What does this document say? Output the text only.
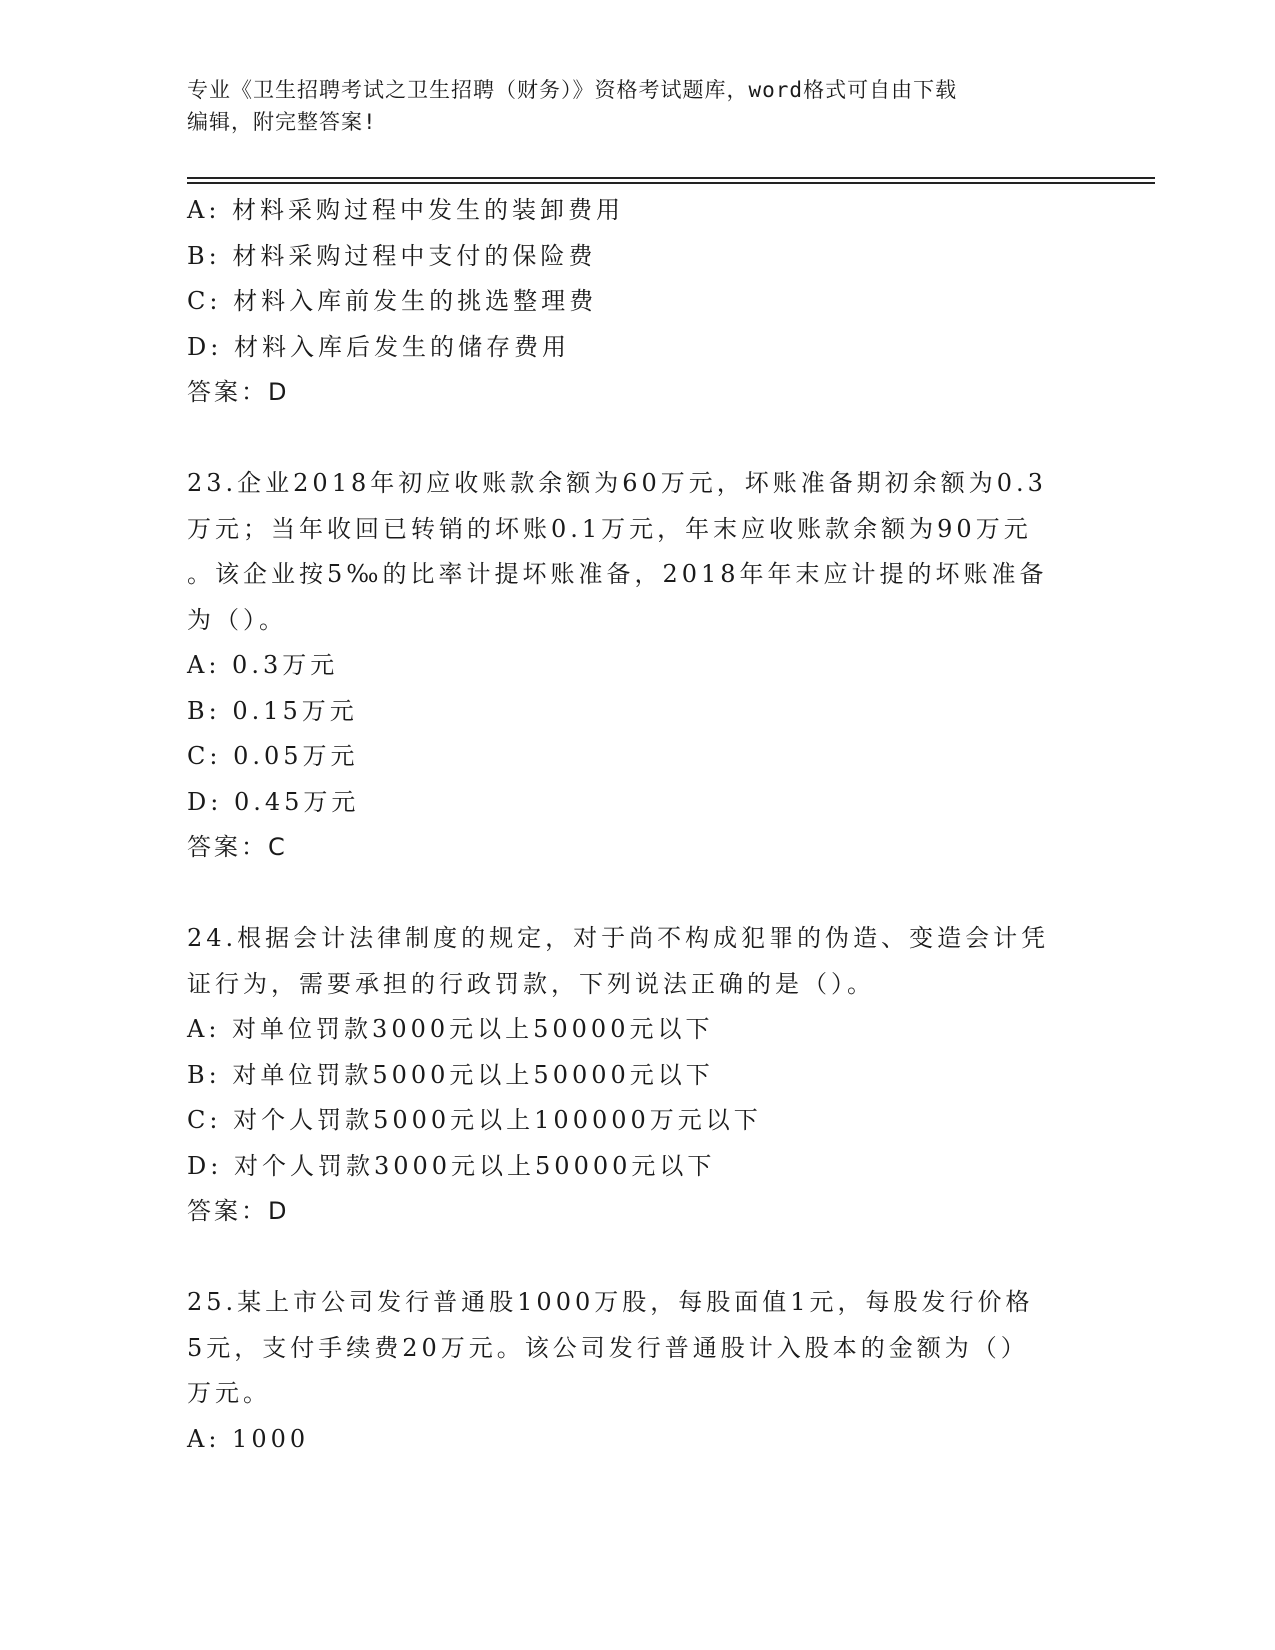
专业《卫生招聘考试之卫生招聘（财务）》资格考试题库，word格式可自由下载
编辑，附完整答案!
A: 材料采购过程中发生的装卸费用
B: 材料采购过程中支付的保险费
C: 材料入库前发生的挑选整理费
D: 材料入库后发生的储存费用
答案：D
23.企业2018年初应收账款余额为60万元，坏账准备期初余额为0.3
万元；当年收回已转销的坏账0.1万元，年末应收账款余额为90万元
。该企业按5‰的比率计提坏账准备，2018年年末应计提的坏账准备
为（）。
A: 0.3万元
B: 0.15万元
C: 0.05万元
D: 0.45万元
答案：C
24.根据会计法律制度的规定，对于尚不构成犯罪的伪造、变造会计凭
证行为，需要承担的行政罚款，下列说法正确的是（）。
A: 对单位罚款3000元以上50000元以下
B: 对单位罚款5000元以上50000元以下
C: 对个人罚款5000元以上100000万元以下
D: 对个人罚款3000元以上50000元以下
答案：D
25.某上市公司发行普通股1000万股，每股面值1元，每股发行价格
5元，支付手续费20万元。该公司发行普通股计入股本的金额为（）
万元。
A: 1000
